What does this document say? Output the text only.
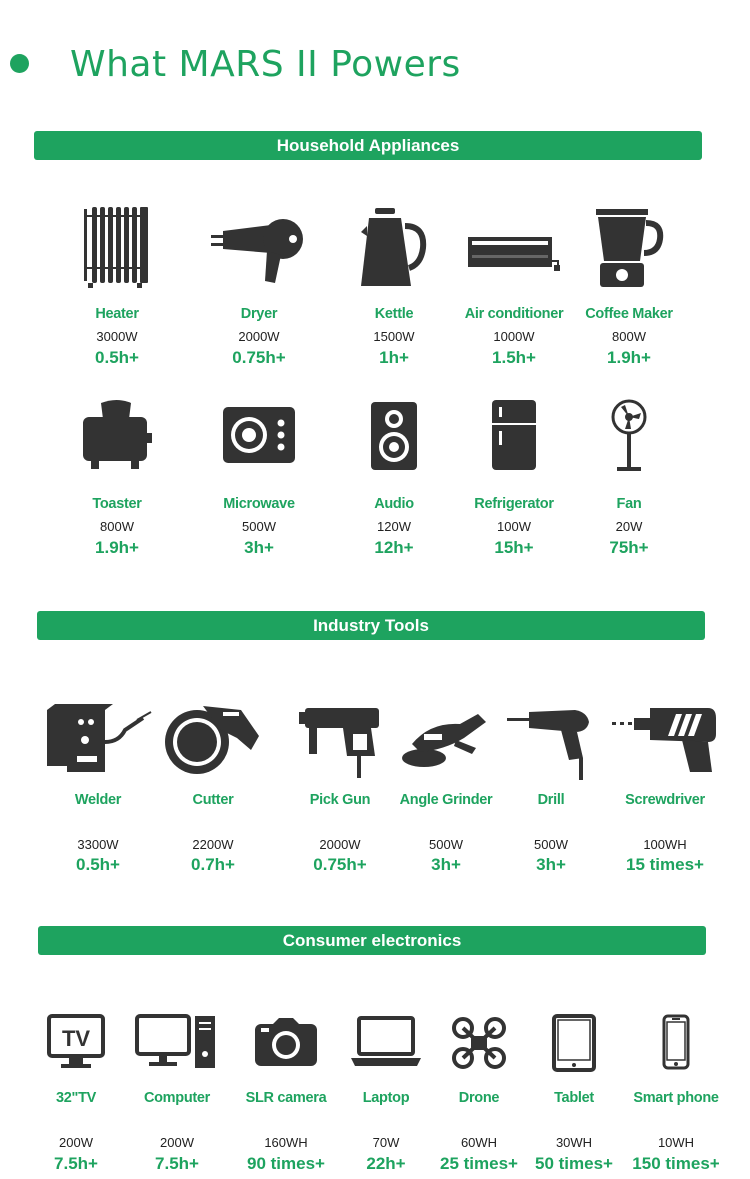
What MARS II Powers
Household Appliances
Heater
3000W
0.5h+
Dryer
2000W
0.75h+
Kettle
1500W
1h+
Air conditioner
1000W
1.5h+
Coffee Maker
800W
1.9h+
Toaster
800W
1.9h+
Microwave
500W
3h+
Audio
120W
12h+
Refrigerator
100W
15h+
Fan
20W
75h+
Industry Tools
Welder
3300W
0.5h+
Cutter
2200W
0.7h+
Pick Gun
2000W
0.75h+
Angle Grinder
500W
3h+
Drill
500W
3h+
Screwdriver
100WH
15 times+
Consumer electronics
TV
32"TV
200W
7.5h+
Computer
200W
7.5h+
SLR camera
160WH
90 times+
Laptop
70W
22h+
Drone
60WH
25 times+
Tablet
30WH
50 times+
Smart phone
10WH
150 times+
